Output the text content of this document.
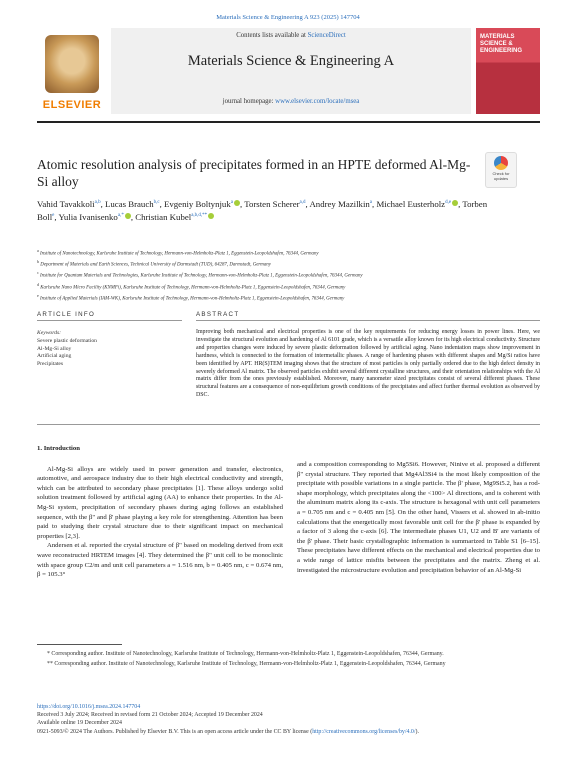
Materials Science & Engineering A 923 (2025) 147704
ELSEVIER
Contents lists available at ScienceDirect
Materials Science & Engineering A
journal homepage: www.elsevier.com/locate/msea
MATERIALS SCIENCE & ENGINEERING
Atomic resolution analysis of precipitates formed in an HPTE deformed Al-Mg-Si alloy
Check for updates
Vahid Tavakkoli$^{a,b}$, Lucas Brauch$^{b,c}$, Evgeniy Boltynjuk$^a$ , Torsten Scherer$^{a,d}$, Andrey Mazilkin$^a$, Michael Eusterholz$^{d,e}$ , Torben Boll$^e$, Yulia Ivanisenko$^{a,*}$ , Christian Kubel$^{a,b,d,**}$
$^a$ Institute of Nanotechnology, Karlsruhe Institute of Technology, Hermann-von-Helmholtz-Platz 1, Eggenstein-Leopoldshafen, 76344, Germany
$^b$ Department of Materials and Earth Sciences, Technical University of Darmstadt (TUD), 64287, Darmstadt, Germany
$^c$ Institute for Quantum Materials and Technologies, Karlsruhe Institute of Technology, Hermann-von-Helmholtz-Platz 1, Eggenstein-Leopoldshafen, 76344, Germany
$^d$ Karlsruhe Nano Micro Facility (KNMFi), Karlsruhe Institute of Technology, Hermann-von-Helmholtz-Platz 1, Eggenstein-Leopoldshafen, 76344, Germany
$^e$ Institute of Applied Materials (IAM-WK), Karlsruhe Institute of Technology, Hermann-von-Helmholtz-Platz 1, Eggenstein-Leopoldshafen, 76344, Germany
ARTICLE INFO	ABSTRACT
Keywords:
Severe plastic deformation
Al-Mg-Si alloy
Artificial aging
Precipitates
Improving both mechanical and electrical properties is one of the key requirements for reducing energy losses in power lines. Here, we investigate the structural evolution and hardening of Al 6101 grade, which is a versatile alloy known for its high electrical conductivity. Structure and properties changes were induced by severe plastic deformation followed by artificial aging. Nano indentation maps show improvement in hardness, which is connected to the formation of intermetallic phases. A range of hardening phases with different shapes and Mg/Si ratios have been identified by APT. HR(S)TEM imaging shows that the structure of most particles is only partially ordered due to the high defect density in severely deformed Al matrix. The observed particles exhibit several different crystalline structures, and their orientation relationships with the Al matrix differ from the ones previously established. Moreover, many nanometer sized precipitates consist of several different phases. These structural features are a consequence of non-equilibrium growth conditions of the precipitates and affect further thermal evolution as observed by DSC.
1. Introduction

Al-Mg-Si alloys are widely used in power generation and transfer, electronics, automotive, and aerospace industry due to their high electrical conductivity and strength, which can be attributed to secondary phase precipitates [1]. These alloys undergo solid solution treatment followed by artificial aging (AA) to enhance their properties. In the Al-Mg-Si system, precipitation of secondary phases during aging follows an established sequence, with the β" and β' phase playing a key role for strengthening. Attention has been paid to studying their crystal structure due to their significant impact on mechanical properties [2,3].

Andersen et al. reported the crystal structure of β" based on modeling derived from exit wave reconstructed HRTEM images [4]. They determined the β" unit cell to be monoclinic with space group C2/m and unit cell parameters a = 1.516 nm, b = 0.405 nm, c = 0.674 nm, β = 105.3°

and a composition corresponding to Mg5Si6. However, Ninive et al. proposed a different β" crystal structure. They reported that Mg4Al3Si4 is the most likely composition of the precipitate with possible variations in a single particle. The β' phase, Mg9Si5.2, has a rod-shape morphology, which precipitates along the <100> Al directions, and is coherent with the aluminum matrix along its c-axis. The structure is hexagonal with unit cell parameters a = 0.705 nm and c = 0.405 nm [5]. On the other hand, Vissers et al. showed in ab-initio calculations that the energetically most favorable unit cell for the β' phase is expanded by a factor of 3 along the c-axis [6]. The intermediate phases U1, U2 and B' are variants of the β' phase. Their basic crystallographic information is summarized in Table S1 [6–15]. These precipitates have different effects on the mechanical and electrical properties due to a wide range of lattice misfits between the precipitates and the matrix. Zheng et al. investigated the microstructure evolution and precipitation behavior of an Al-Mg-Si

* Corresponding author. Institute of Nanotechnology, Karlsruhe Institute of Technology, Hermann-von-Helmholtz-Platz 1, Eggenstein-Leopoldshafen, 76344, Germany.

** Corresponding author. Institute of Nanotechnology, Karlsruhe Institute of Technology, Hermann-von-Helmholtz-Platz 1, Eggenstein-Leopoldshafen, 76344, Germany

https://doi.org/10.1016/j.msea.2024.147704
Received 3 July 2024; Received in revised form 21 October 2024; Accepted 19 December 2024
Available online 19 December 2024
0921-5093/© 2024 The Authors. Published by Elsevier B.V. This is an open access article under the CC BY license (http://creativecommons.org/licenses/by/4.0/).
